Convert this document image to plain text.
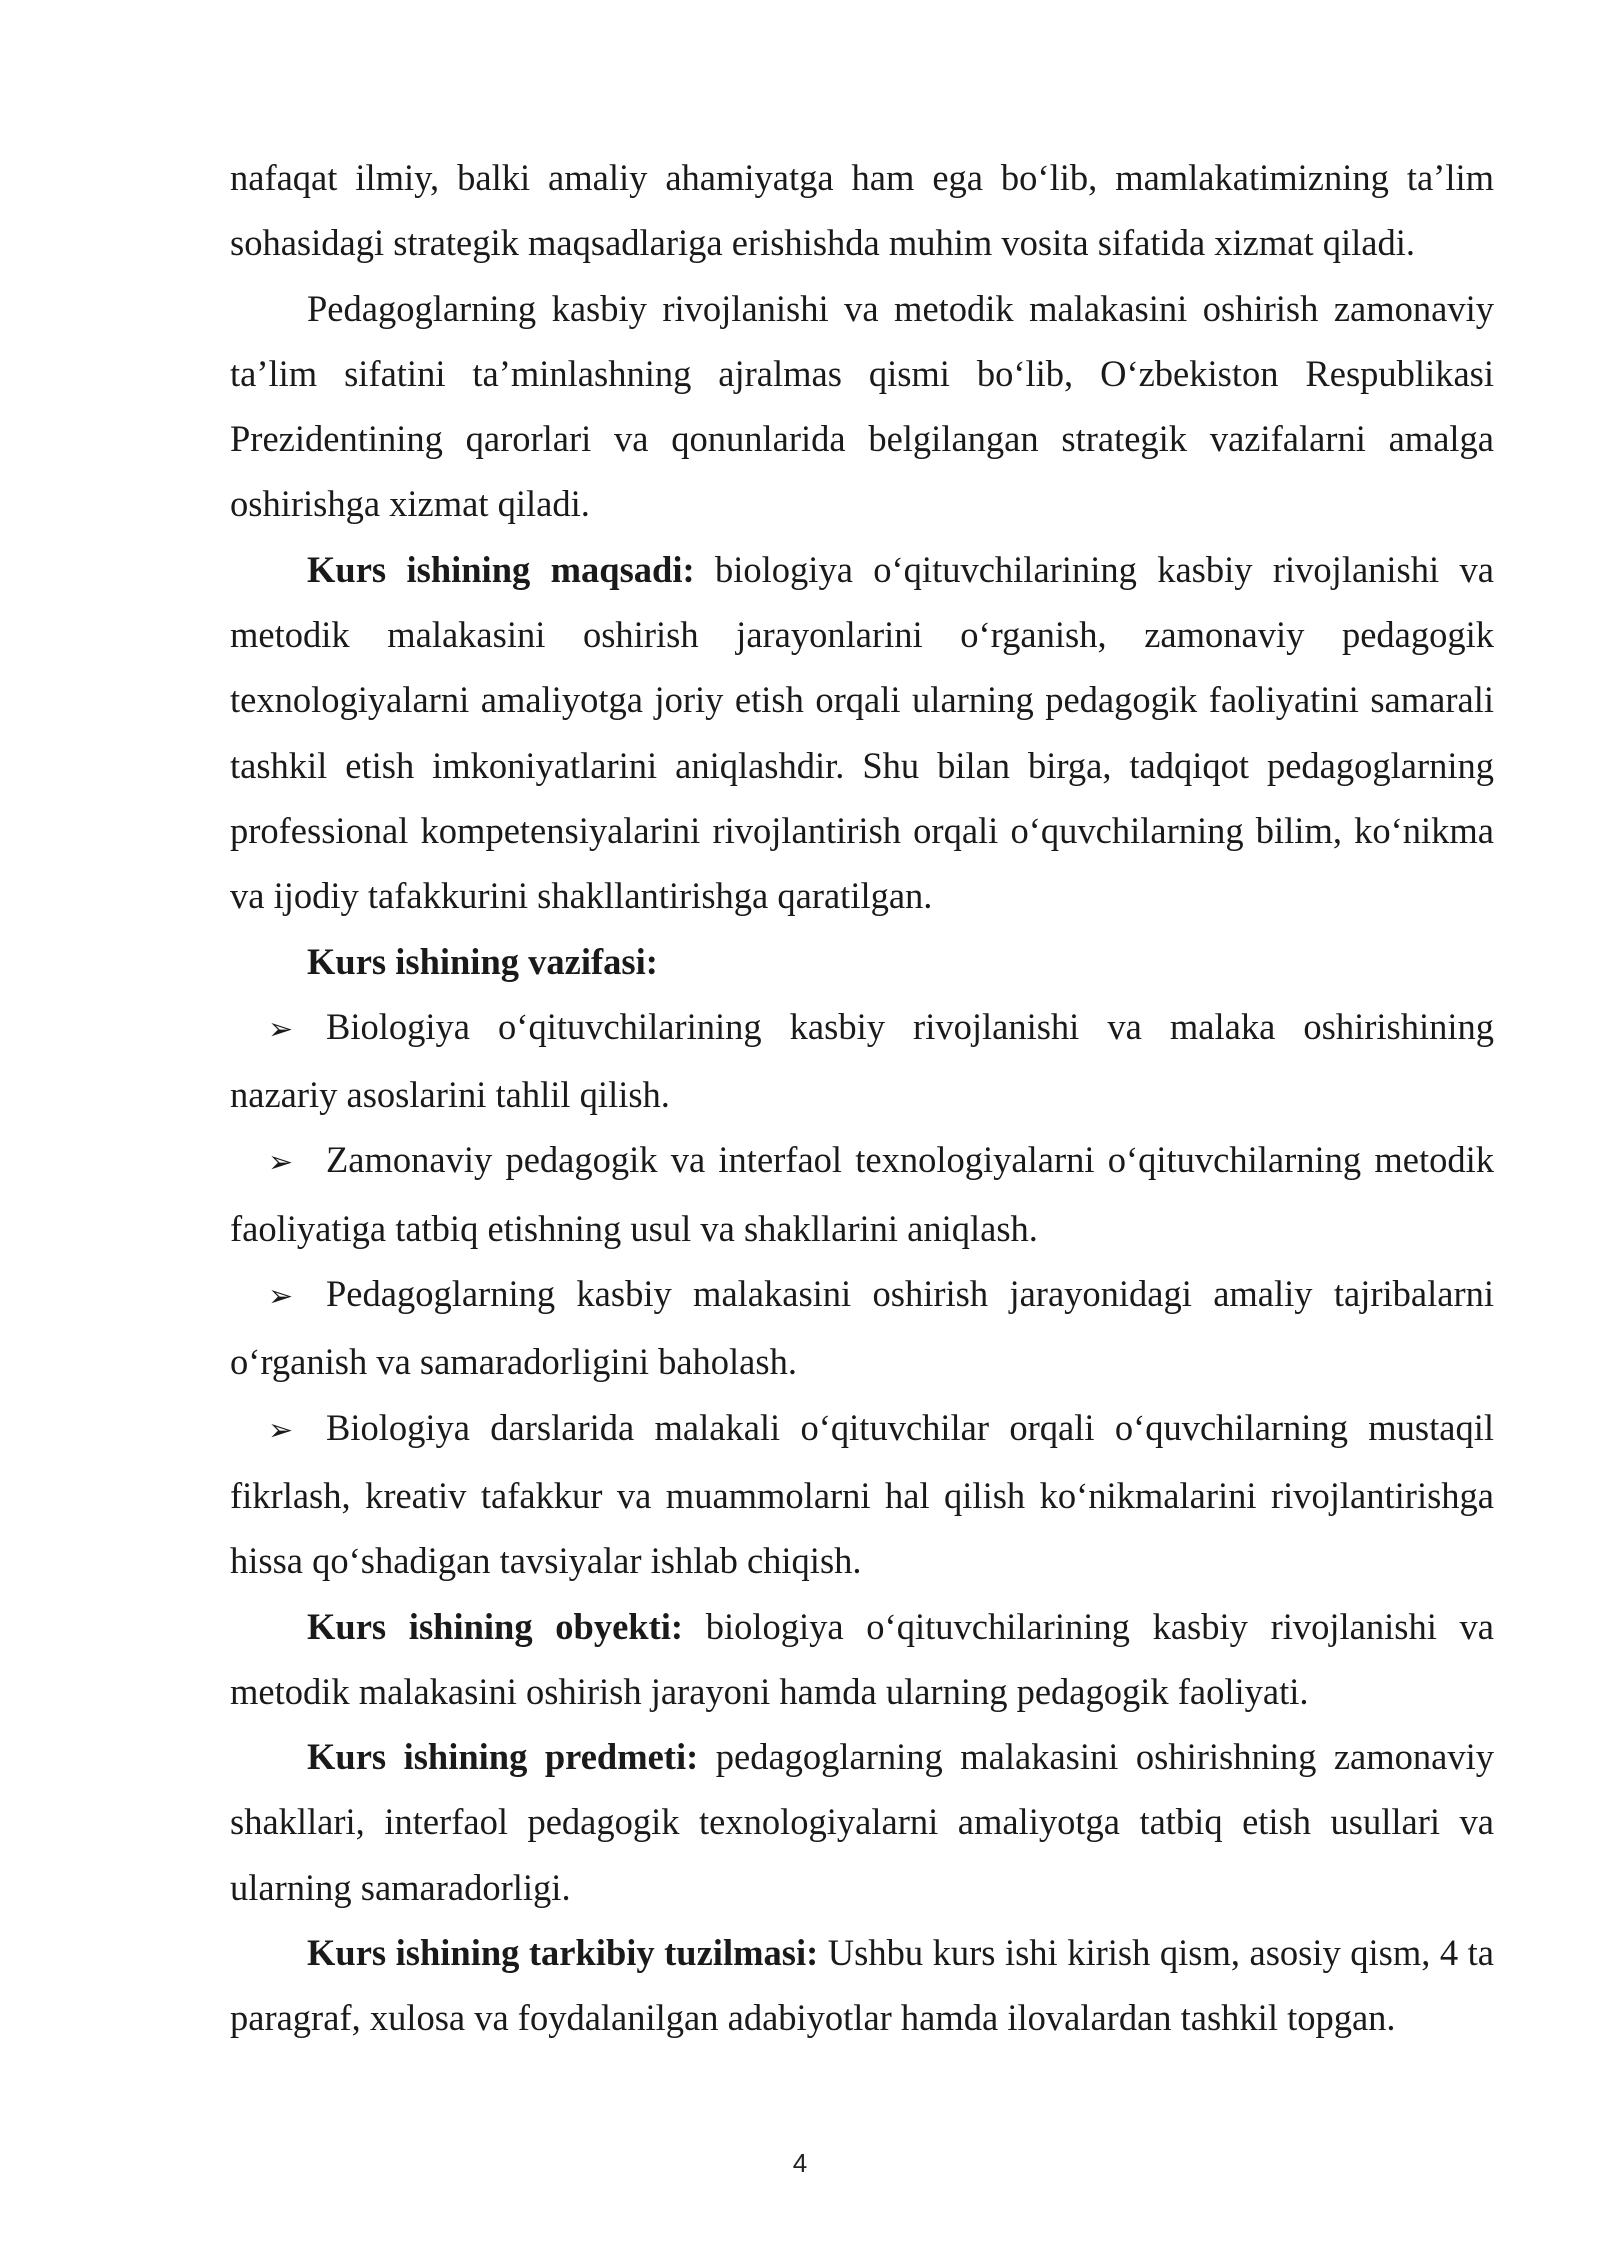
nafaqat ilmiy, balki amaliy ahamiyatga ham ega bo‘lib, mamlakatimizning ta’lim sohasidagi strategik maqsadlariga erishishda muhim vosita sifatida xizmat qiladi.

Pedagoglarning kasbiy rivojlanishi va metodik malakasini oshirish zamonaviy ta’lim sifatini ta’minlashning ajralmas qismi bo‘lib, O‘zbekiston Respublikasi Prezidentining qarorlari va qonunlarida belgilangan strategik vazifalarni amalga oshirishga xizmat qiladi.

Kurs ishining maqsadi: biologiya o‘qituvchilarining kasbiy rivojlanishi va metodik malakasini oshirish jarayonlarini o‘rganish, zamonaviy pedagogik texnologiyalarni amaliyotga joriy etish orqali ularning pedagogik faoliyatini samarali tashkil etish imkoniyatlarini aniqlashdir. Shu bilan birga, tadqiqot pedagoglarning professional kompetensiyalarini rivojlantirish orqali o‘quvchilarning bilim, ko‘nikma va ijodiy tafakkurini shakllantirishga qaratilgan.

Kurs ishining vazifasi:

➢ Biologiya o‘qituvchilarining kasbiy rivojlanishi va malaka oshirishining nazariy asoslarini tahlil qilish.

➢ Zamonaviy pedagogik va interfaol texnologiyalarni o‘qituvchilarning metodik faoliyatiga tatbiq etishning usul va shakllarini aniqlash.

➢ Pedagoglarning kasbiy malakasini oshirish jarayonidagi amaliy tajribalarni o‘rganish va samaradorligini baholash.

➢ Biologiya darslarida malakali o‘qituvchilar orqali o‘quvchilarning mustaqil fikrlash, kreativ tafakkur va muammolarni hal qilish ko‘nikmalarini rivojlantirishga hissa qo‘shadigan tavsiyalar ishlab chiqish.

Kurs ishining obyekti: biologiya o‘qituvchilarining kasbiy rivojlanishi va metodik malakasini oshirish jarayoni hamda ularning pedagogik faoliyati.

Kurs ishining predmeti: pedagoglarning malakasini oshirishning zamonaviy shakllari, interfaol pedagogik texnologiyalarni amaliyotga tatbiq etish usullari va ularning samaradorligi.

Kurs ishining tarkibiy tuzilmasi: Ushbu kurs ishi kirish qism, asosiy qism, 4 ta paragraf, xulosa va foydalanilgan adabiyotlar hamda ilovalardan tashkil topgan.

4
